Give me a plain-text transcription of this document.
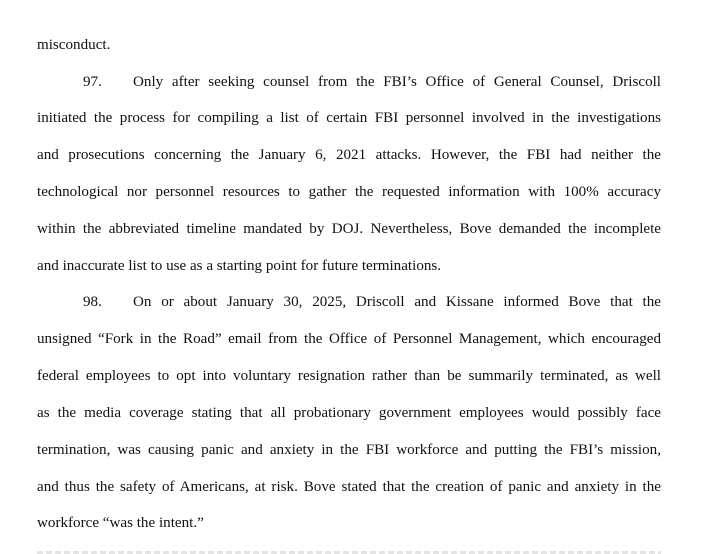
misconduct.
97. Only after seeking counsel from the FBI’s Office of General Counsel, Driscoll
initiated the process for compiling a list of certain FBI personnel involved in the investigations
and prosecutions concerning the January 6, 2021 attacks. However, the FBI had neither the
technological nor personnel resources to gather the requested information with 100% accuracy
within the abbreviated timeline mandated by DOJ. Nevertheless, Bove demanded the incomplete
and inaccurate list to use as a starting point for future terminations.
98. On or about January 30, 2025, Driscoll and Kissane informed Bove that the
unsigned “Fork in the Road” email from the Office of Personnel Management, which encouraged
federal employees to opt into voluntary resignation rather than be summarily terminated, as well
as the media coverage stating that all probationary government employees would possibly face
termination, was causing panic and anxiety in the FBI workforce and putting the FBI’s mission,
and thus the safety of Americans, at risk. Bove stated that the creation of panic and anxiety in the
workforce “was the intent.”
